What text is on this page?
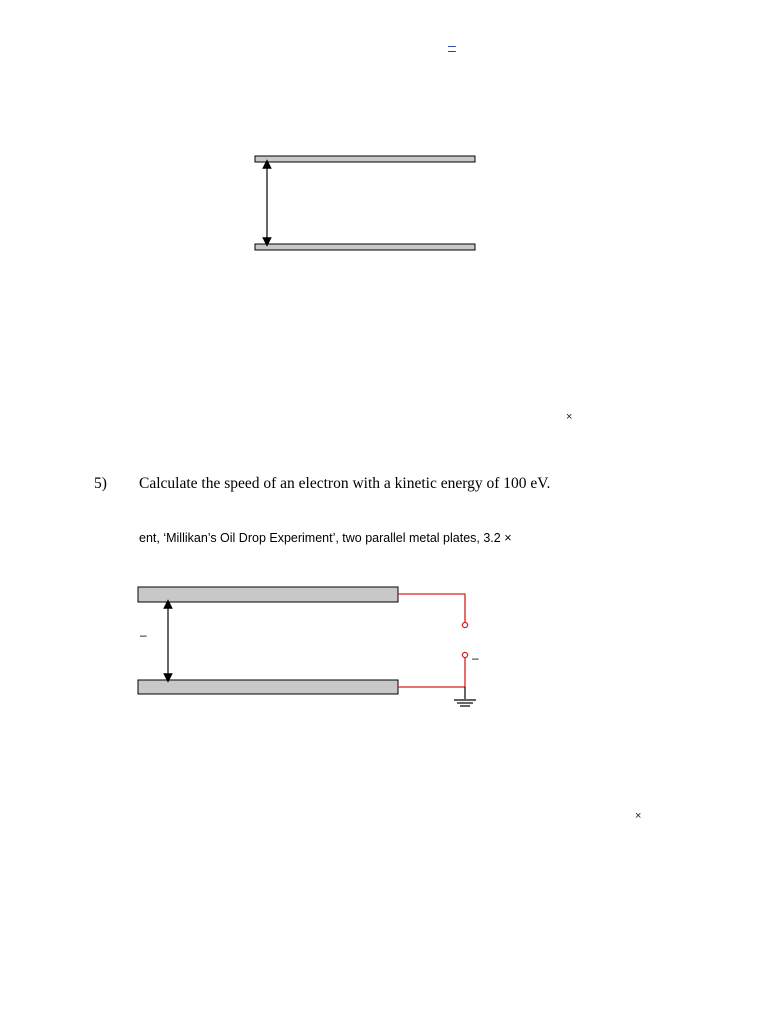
–
×
5) Calculate the speed of an electron with a kinetic energy of 100 eV.
ent, ‘Millikan’s Oil Drop Experiment’, two parallel metal plates, 3.2 ×
–
–
×
